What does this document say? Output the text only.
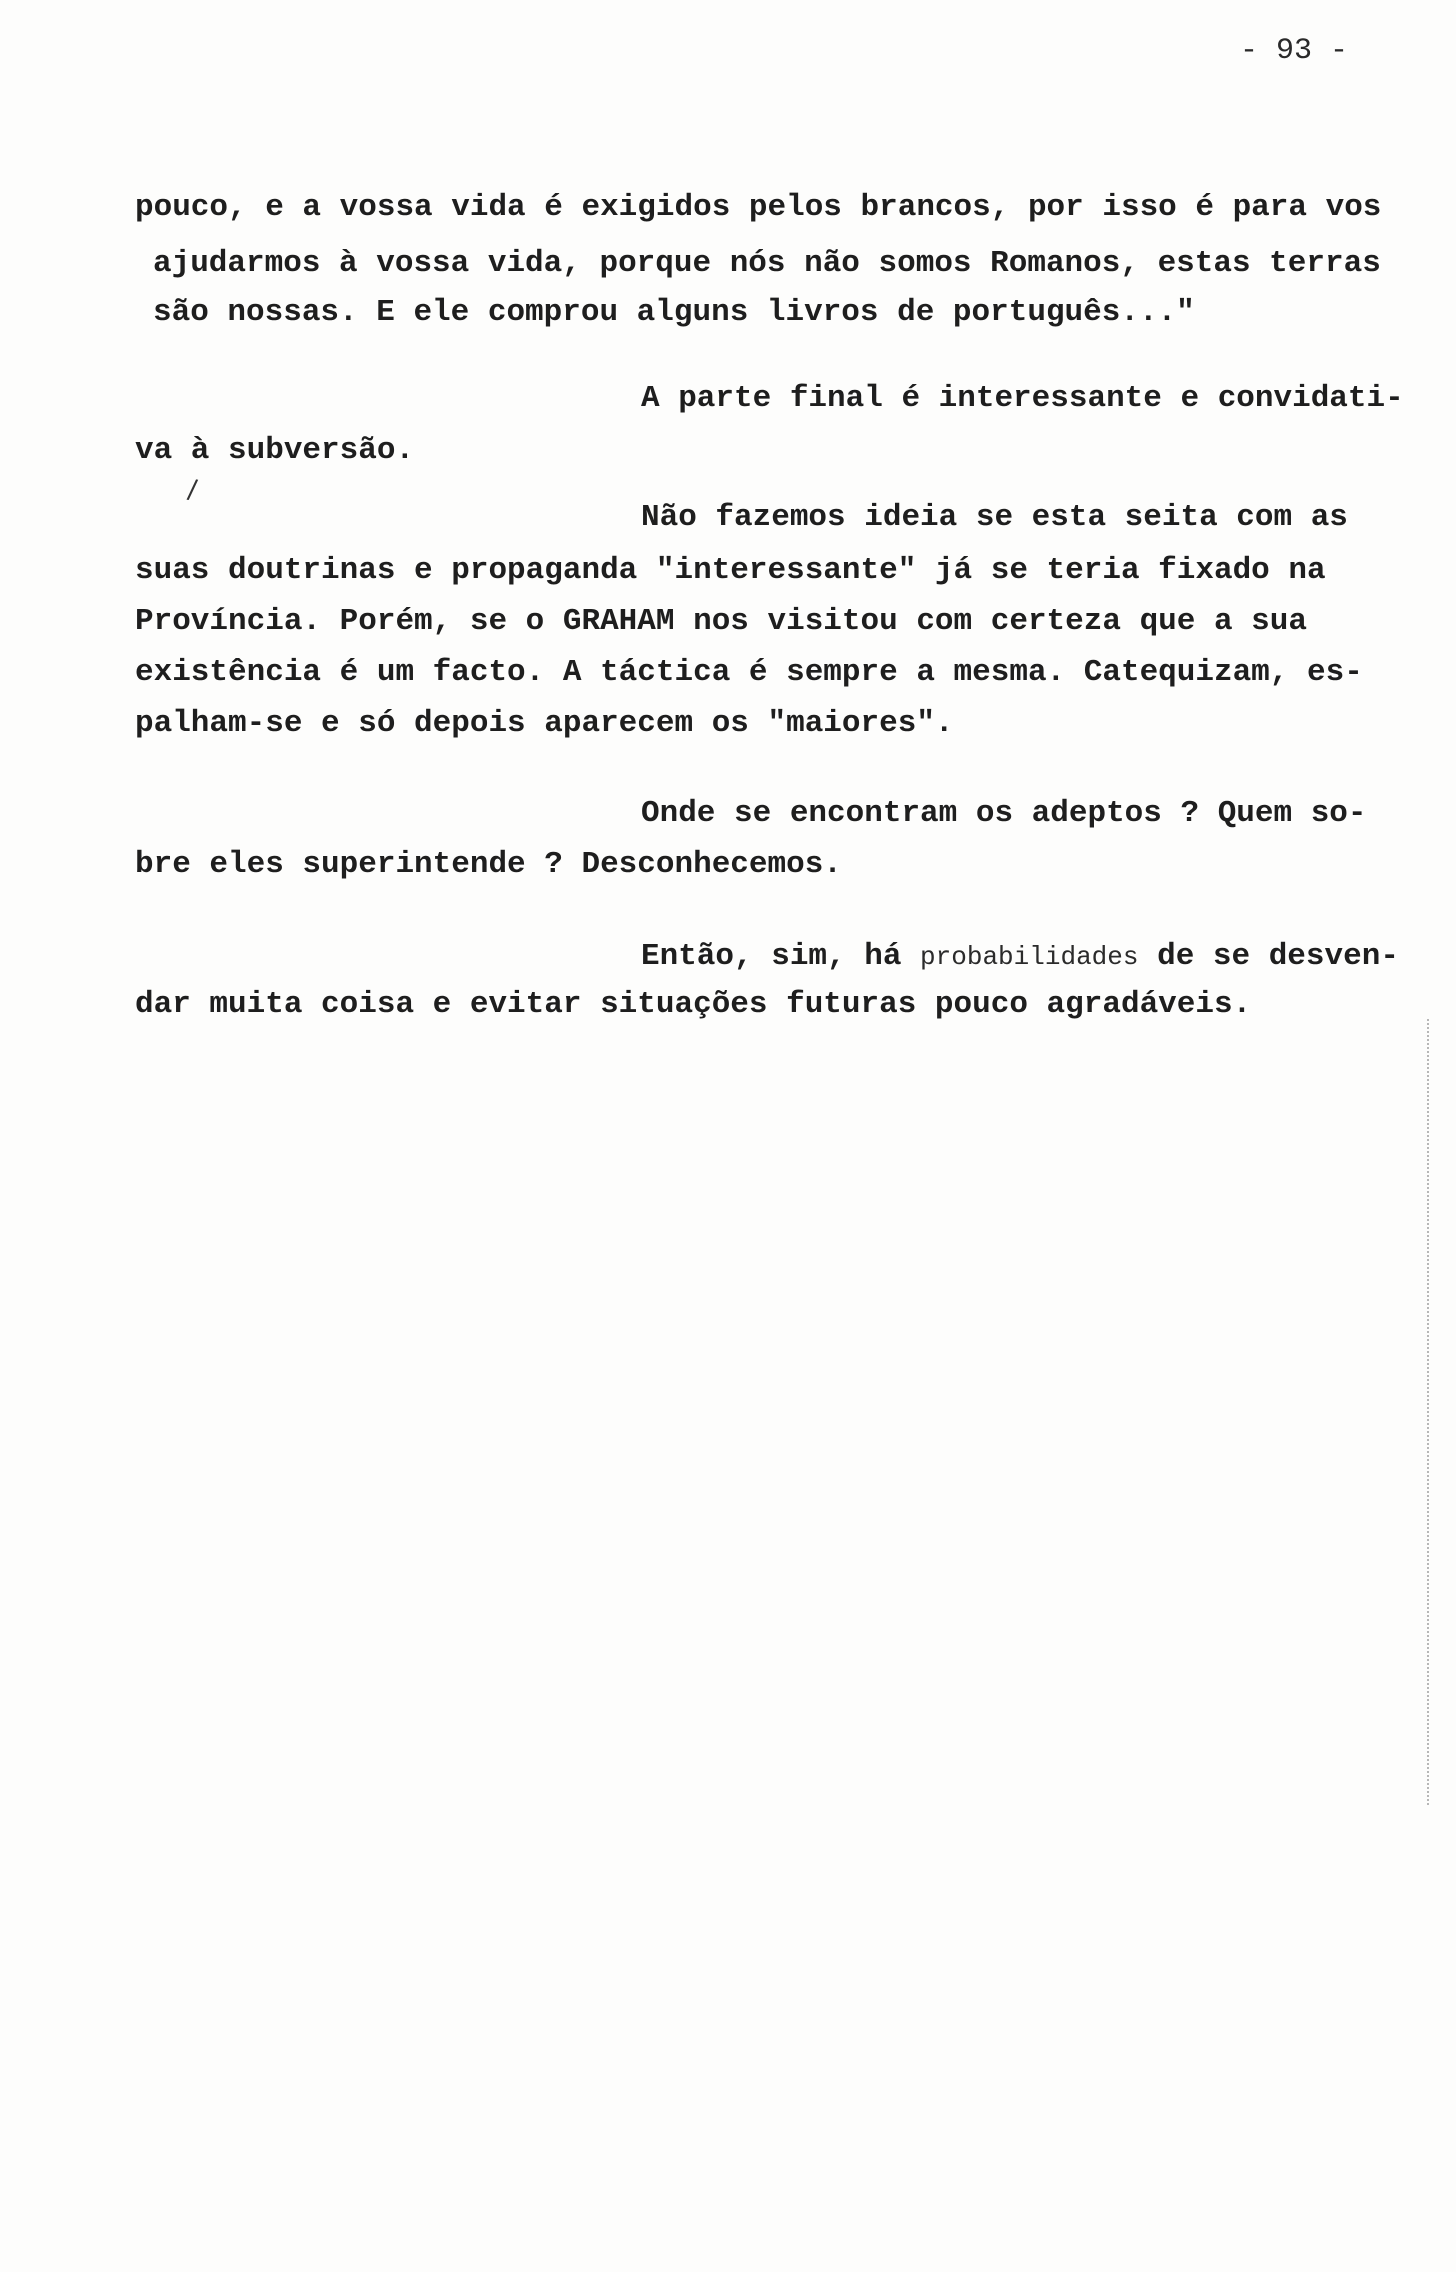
- 93 -
pouco, e a vossa vida é exigidos pelos brancos, por isso é para vos
ajudarmos à vossa vida, porque nós não somos Romanos, estas terras
são nossas. E ele comprou alguns livros de português..."
A parte final é interessante e convidati-
va à subversão.
/
Não fazemos ideia se esta seita com as
suas doutrinas e propaganda "interessante" já se teria fixado na
Província. Porém, se o GRAHAM nos visitou com certeza que a sua
existência é um facto. A táctica é sempre a mesma. Catequizam, es-
palham-se e só depois aparecem os "maiores".
Onde se encontram os adeptos ? Quem so-
bre eles superintende ? Desconhecemos.
Então, sim, há probabilidades de se desven-
dar muita coisa e evitar situações futuras pouco agradáveis.
